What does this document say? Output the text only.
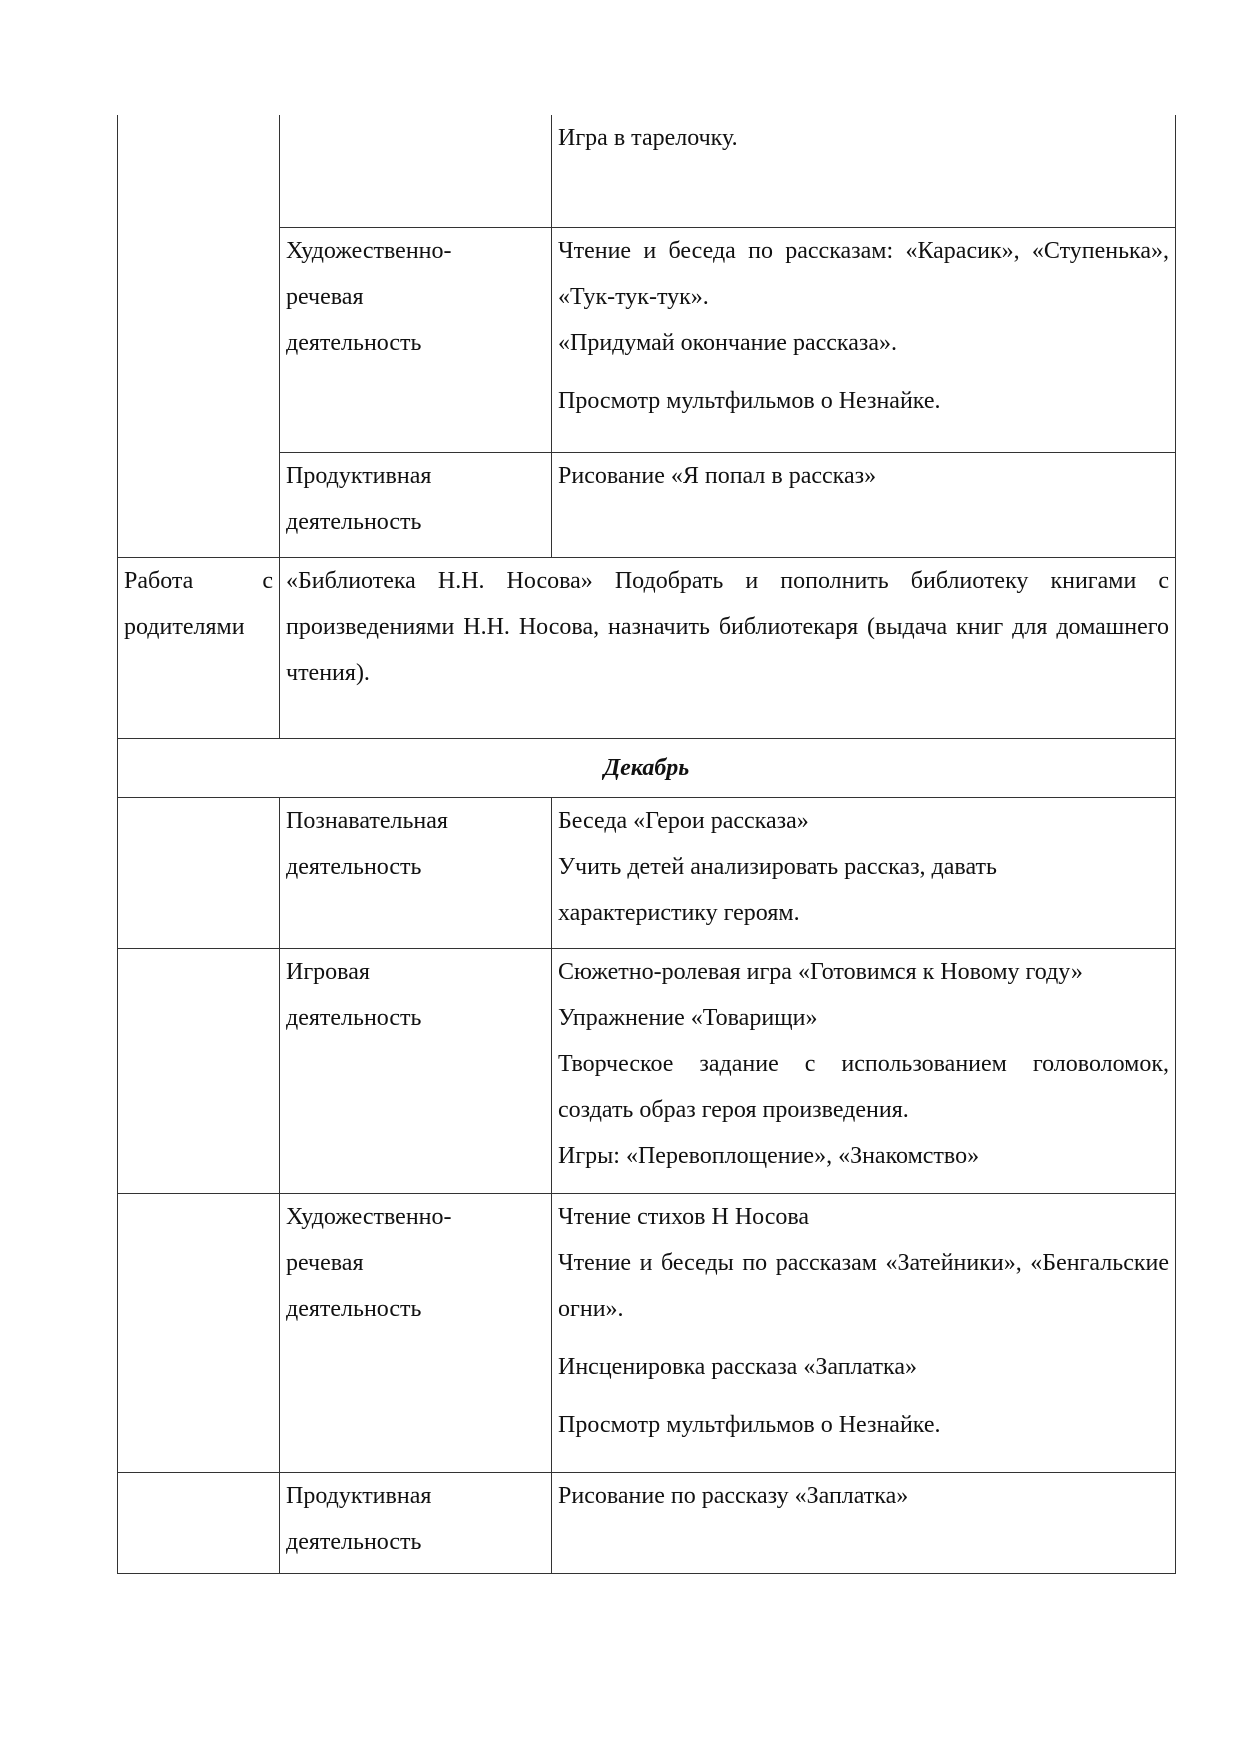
		Игра в тарелочку.

	Художественно-
речевая
деятельность	Чтение и беседа по рассказам: «Карасик», «Ступенька», «Тук-тук-тук».
«Придумай окончание рассказа».
Просмотр мультфильмов о Незнайке.

	Продуктивная
деятельность	Рисование «Я попал в рассказ»

Работа с родителями	«Библиотека Н.Н. Носова» Подобрать и пополнить библиотеку книгами с произведениями Н.Н. Носова, назначить библиотекаря (выдача книг для домашнего чтения).	

Декабрь		

	Познавательная
деятельность	Беседа «Герои рассказа»
Учить детей анализировать рассказ, давать
характеристику героям.

	Игровая
деятельность	Сюжетно-ролевая игра «Готовимся к Новому году»
Упражнение «Товарищи»
Творческое задание с использованием головоломок, создать образ героя произведения.
Игры: «Перевоплощение», «Знакомство»

	Художественно-
речевая
деятельность	Чтение стихов Н Носова
Чтение и беседы по рассказам «Затейники», «Бенгальские огни».
Инсценировка рассказа «Заплатка»
Просмотр мультфильмов о Незнайке.

	Продуктивная
деятельность	Рисование по рассказу «Заплатка»
